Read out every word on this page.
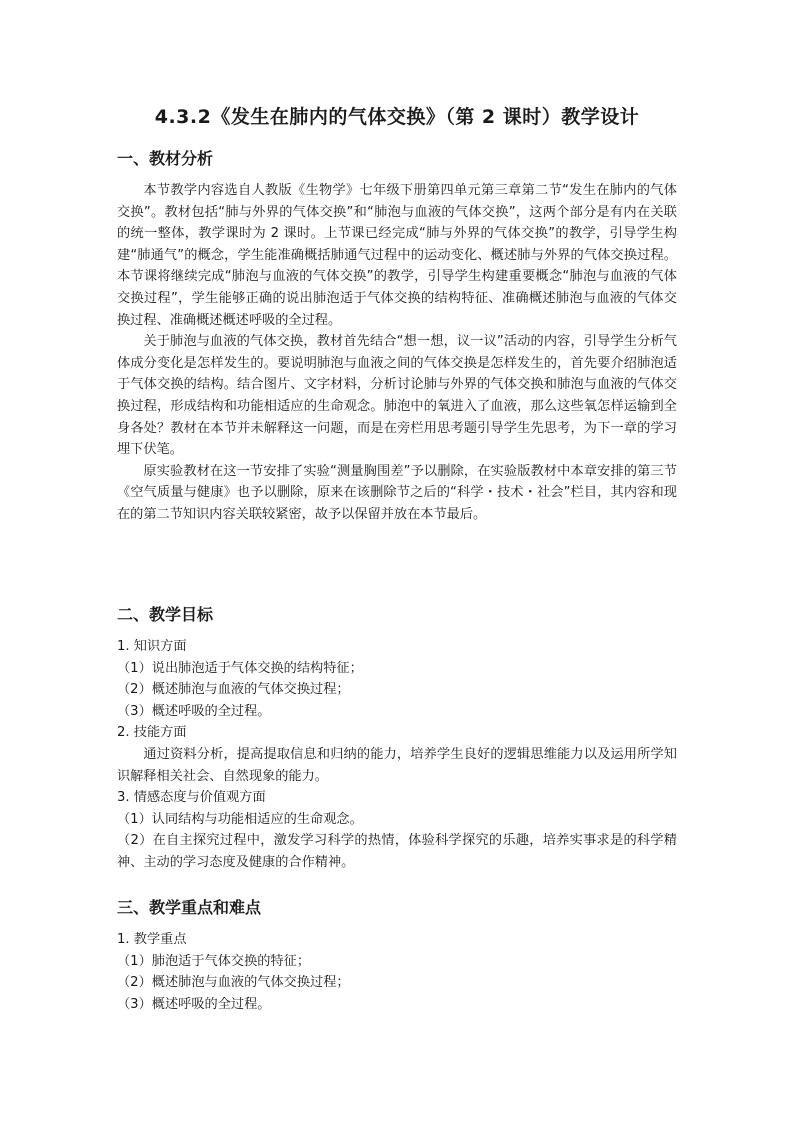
4.3.2《发生在肺内的气体交换》（第 2 课时）教学设计
一、教材分析

本节教学内容选自人教版《生物学》七年级下册第四单元第三章第二节“发生在肺内的气体交换”。教材包括“肺与外界的气体交换”和“肺泡与血液的气体交换”，这两个部分是有内在关联的统一整体，教学课时为 2 课时。上节课已经完成“肺与外界的气体交换”的教学，引导学生构建“肺通气”的概念，学生能准确概括肺通气过程中的运动变化、概述肺与外界的气体交换过程。本节课将继续完成“肺泡与血液的气体交换”的教学，引导学生构建重要概念“肺泡与血液的气体交换过程”，学生能够正确的说出肺泡适于气体交换的结构特征、准确概述肺泡与血液的气体交换过程、准确概述概述呼吸的全过程。

关于肺泡与血液的气体交换，教材首先结合“想一想，议一议”活动的内容，引导学生分析气体成分变化是怎样发生的。要说明肺泡与血液之间的气体交换是怎样发生的，首先要介绍肺泡适于气体交换的结构。结合图片、文字材料，分析讨论肺与外界的气体交换和肺泡与血液的气体交换过程，形成结构和功能相适应的生命观念。肺泡中的氧进入了血液，那么这些氧怎样运输到全身各处？教材在本节并未解释这一问题，而是在旁栏用思考题引导学生先思考，为下一章的学习埋下伏笔。

原实验教材在这一节安排了实验“测量胸围差”予以删除，在实验版教材中本章安排的第三节《空气质量与健康》也予以删除，原来在该删除节之后的“科学・技术・社会”栏目，其内容和现在的第二节知识内容关联较紧密，故予以保留并放在本节最后。

二、教学目标

1. 知识方面

（1）说出肺泡适于气体交换的结构特征；

（2）概述肺泡与血液的气体交换过程；

（3）概述呼吸的全过程。

2. 技能方面

通过资料分析，提高提取信息和归纳的能力，培养学生良好的逻辑思维能力以及运用所学知识解释相关社会、自然现象的能力。

3. 情感态度与价值观方面

（1）认同结构与功能相适应的生命观念。

（2）在自主探究过程中，激发学习科学的热情，体验科学探究的乐趣，培养实事求是的科学精神、主动的学习态度及健康的合作精神。

三、教学重点和难点

1. 教学重点

（1）肺泡适于气体交换的特征；

（2）概述肺泡与血液的气体交换过程；

（3）概述呼吸的全过程。
